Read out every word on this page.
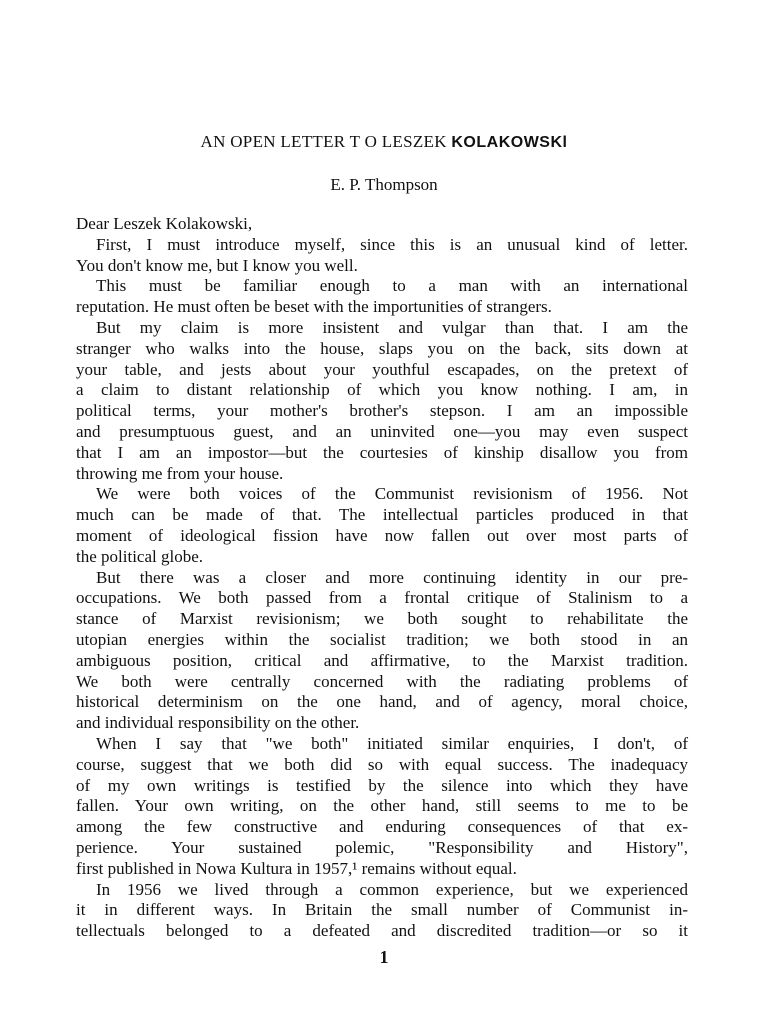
AN OPEN LETTER T O LESZEK KOLAKOWSKl
E. P. Thompson
Dear Leszek Kolakowski,
First, I must introduce myself, since this is an unusual kind of letter.
You don't know me, but I know you well.
This must be familiar enough to a man with an international
reputation. He must often be beset with the importunities of strangers.
But my claim is more insistent and vulgar than that. I am the
stranger who walks into the house, slaps you on the back, sits down at
your table, and jests about your youthful escapades, on the pretext of
a claim to distant relationship of which you know nothing. I am, in
political terms, your mother's brother's stepson. I am an impossible
and presumptuous guest, and an uninvited one—you may even suspect
that I am an impostor—but the courtesies of kinship disallow you from
throwing me from your house.
We were both voices of the Communist revisionism of 1956. Not
much can be made of that. The intellectual particles produced in that
moment of ideological fission have now fallen out over most parts of
the political globe.
But there was a closer and more continuing identity in our pre-
occupations. We both passed from a frontal critique of Stalinism to a
stance of Marxist revisionism; we both sought to rehabilitate the
utopian energies within the socialist tradition; we both stood in an
ambiguous position, critical and affirmative, to the Marxist tradition.
We both were centrally concerned with the radiating problems of
historical determinism on the one hand, and of agency, moral choice,
and individual responsibility on the other.
When I say that "we both" initiated similar enquiries, I don't, of
course, suggest that we both did so with equal success. The inadequacy
of my own writings is testified by the silence into which they have
fallen. Your own writing, on the other hand, still seems to me to be
among the few constructive and enduring consequences of that ex-
perience. Your sustained polemic, "Responsibility and History",
first published in Nowa Kultura in 1957,¹ remains without equal.
In 1956 we lived through a common experience, but we experienced
it in different ways. In Britain the small number of Communist in-
tellectuals belonged to a defeated and discredited tradition—or so it
1
